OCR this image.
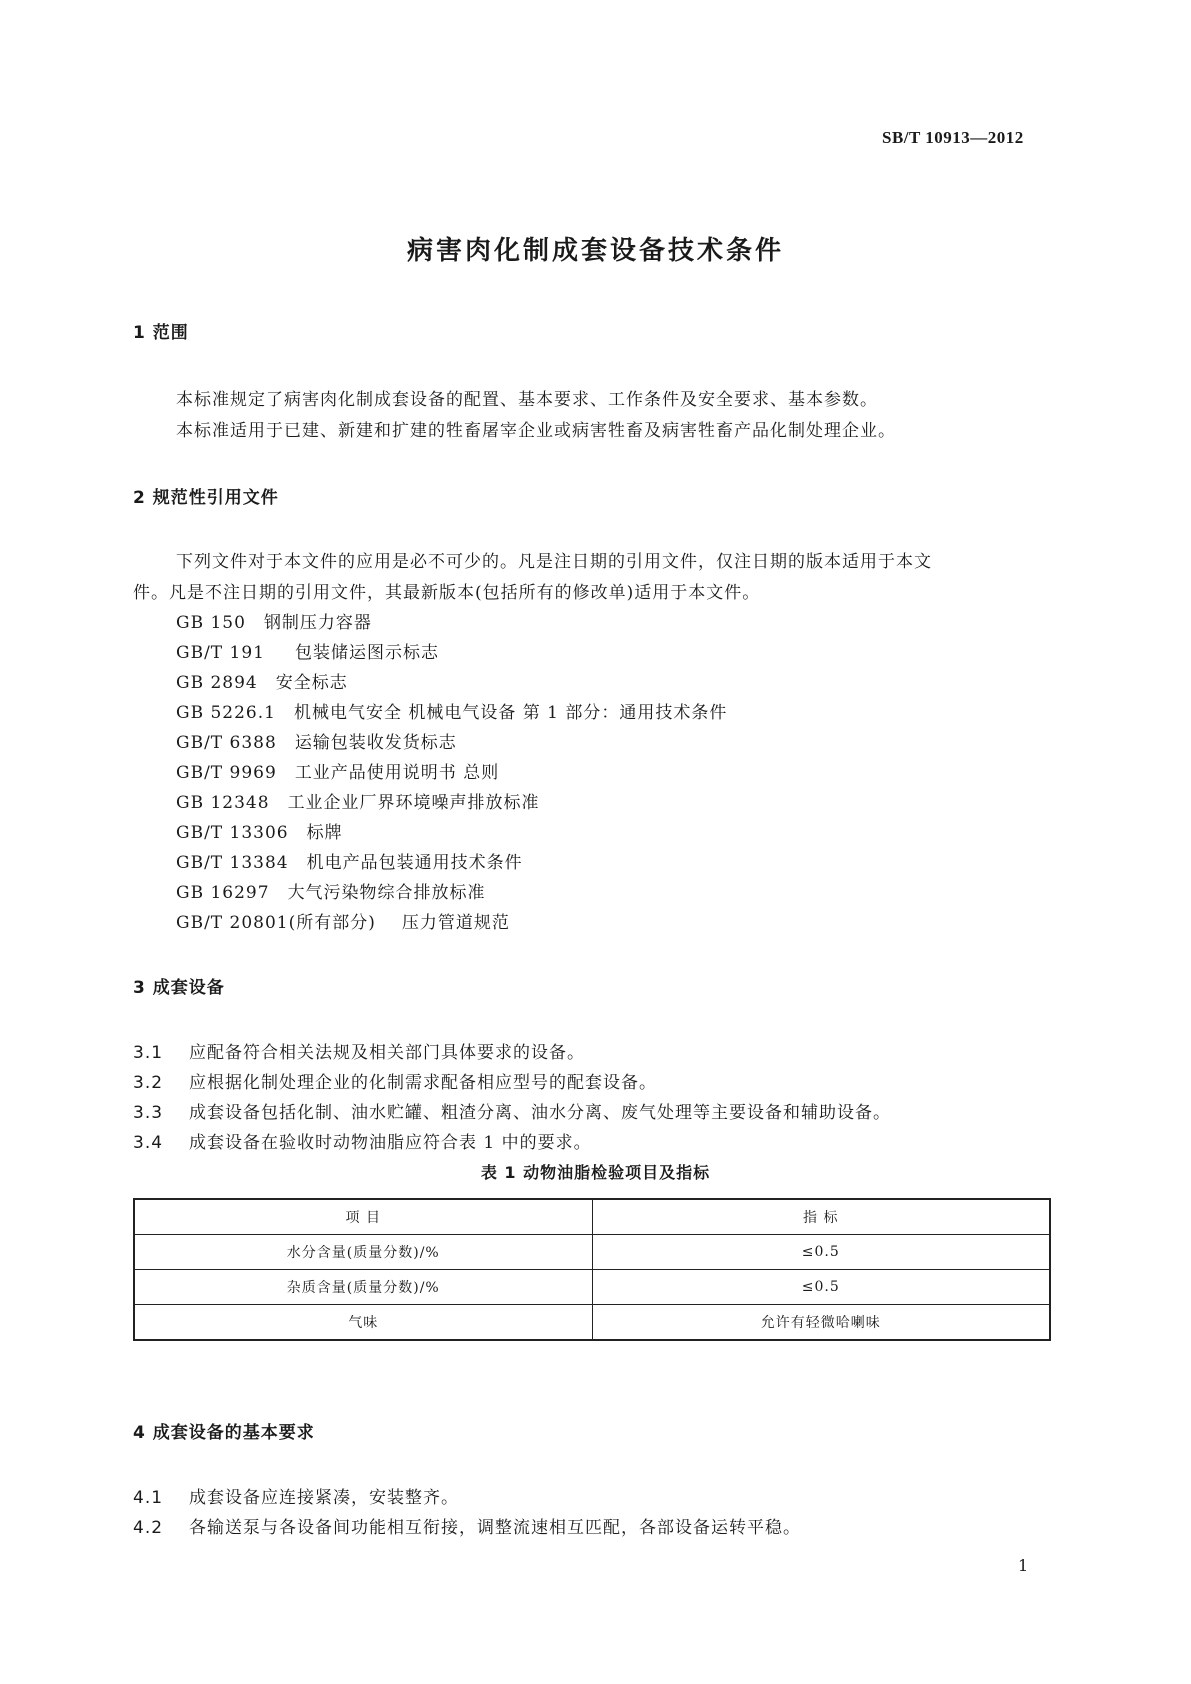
SB/T 10913—2012
病害肉化制成套设备技术条件
1 范围
本标准规定了病害肉化制成套设备的配置、基本要求、工作条件及安全要求、基本参数。
本标准适用于已建、新建和扩建的牲畜屠宰企业或病害牲畜及病害牲畜产品化制处理企业。
2 规范性引用文件
下列文件对于本文件的应用是必不可少的。凡是注日期的引用文件，仅注日期的版本适用于本文
件。凡是不注日期的引用文件，其最新版本(包括所有的修改单)适用于本文件。
GB 150 钢制压力容器
GB/T 191 包装储运图示标志
GB 2894 安全标志
GB 5226.1 机械电气安全 机械电气设备 第 1 部分：通用技术条件
GB/T 6388 运输包装收发货标志
GB/T 9969 工业产品使用说明书 总则
GB 12348 工业企业厂界环境噪声排放标准
GB/T 13306 标牌
GB/T 13384 机电产品包装通用技术条件
GB 16297 大气污染物综合排放标准
GB/T 20801(所有部分) 压力管道规范
3 成套设备
3.1 应配备符合相关法规及相关部门具体要求的设备。
3.2 应根据化制处理企业的化制需求配备相应型号的配套设备。
3.3 成套设备包括化制、油水贮罐、粗渣分离、油水分离、废气处理等主要设备和辅助设备。
3.4 成套设备在验收时动物油脂应符合表 1 中的要求。
表 1 动物油脂检验项目及指标
项 目	指 标
水分含量(质量分数)/%	≤0.5
杂质含量(质量分数)/%	≤0.5
气味	允许有轻微哈喇味
4 成套设备的基本要求
4.1 成套设备应连接紧凑，安装整齐。
4.2 各输送泵与各设备间功能相互衔接，调整流速相互匹配，各部设备运转平稳。
1
